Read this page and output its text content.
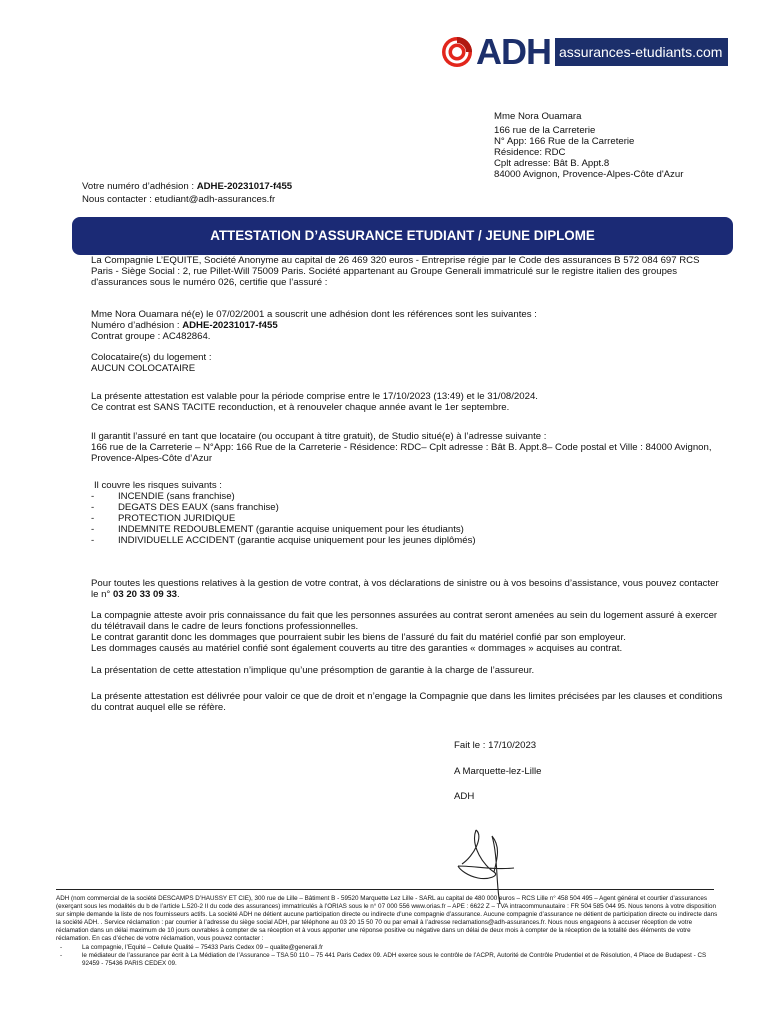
ADH assurances-etudiants.com
Mme Nora Ouamara
166 rue de la Carreterie
N° App: 166 Rue de la Carreterie
Résidence: RDC
Cplt adresse: Bât B. Appt.8
84000 Avignon, Provence-Alpes-Côte d'Azur
Votre numéro d’adhésion : ADHE-20231017-f455
Nous contacter : etudiant@adh-assurances.fr
ATTESTATION D’ASSURANCE ETUDIANT / JEUNE DIPLOME

La Compagnie L’EQUITE, Société Anonyme au capital de 26 469 320 euros - Entreprise régie par le Code des assurances B 572 084 697 RCS Paris - Siège Social : 2, rue Pillet-Will 75009 Paris. Société appartenant au Groupe Generali immatriculé sur le registre italien des groupes d'assurances sous le numéro 026, certifie que l’assuré :

Mme Nora Ouamara né(e) le 07/02/2001 a souscrit une adhésion dont les références sont les suivantes :
Numéro d’adhésion : ADHE-20231017-f455
Contrat groupe : AC482864.
Colocataire(s) du logement :
AUCUN COLOCATAIRE
La présente attestation est valable pour la période comprise entre le 17/10/2023 (13:49) et le 31/08/2024.
Ce contrat est SANS TACITE reconduction, et à renouveler chaque année avant le 1er septembre.
Il garantit l’assuré en tant que locataire (ou occupant à titre gratuit), de Studio situé(e) à l’adresse suivante :
166 rue de la Carreterie – N°App: 166 Rue de la Carreterie - Résidence: RDC– Cplt adresse : Bât B. Appt.8– Code postal et Ville : 84000 Avignon, Provence-Alpes-Côte d’Azur
Il couvre les risques suivants :
-	INCENDIE (sans franchise)
-	DEGATS DES EAUX (sans franchise)
-	PROTECTION JURIDIQUE
-	INDEMNITE REDOUBLEMENT (garantie acquise uniquement pour les étudiants)
-	INDIVIDUELLE ACCIDENT (garantie acquise uniquement pour les jeunes diplômés)

Pour toutes les questions relatives à la gestion de votre contrat, à vos déclarations de sinistre ou à vos besoins d’assistance, vous pouvez contacter le n° 03 20 33 09 33.

La compagnie atteste avoir pris connaissance du fait que les personnes assurées au contrat seront amenées au sein du logement assuré à exercer du télétravail dans le cadre de leurs fonctions professionnelles.
Le contrat garantit donc les dommages que pourraient subir les biens de l’assuré du fait du matériel confié par son employeur.
Les dommages causés au matériel confié sont également couverts au titre des garanties « dommages » acquises au contrat.

La présentation de cette attestation n’implique qu’une présomption de garantie à la charge de l’assureur.

La présente attestation est délivrée pour valoir ce que de droit et n’engage la Compagnie que dans les limites précisées par les clauses et conditions du contrat auquel elle se réfère.

Fait le : 17/10/2023
A Marquette-lez-Lille
ADH
ADH (nom commercial de la société DESCAMPS D’HAUSSY ET CIE), 300 rue de Lille – Bâtiment B - 59520 Marquette Lez Lille - SARL au capital de 480 000 euros – RCS Lille n° 458 504 495 – Agent général et courtier d’assurances (exerçant sous les modalités du b de l’article L.520-2 II du code des assurances) immatriculés à l’ORIAS sous le n° 07 000 556 www.orias.fr – APE : 6622 Z – TVA intracommunautaire : FR 504 585 044 95. Nous tenons à votre disposition sur simple demande la liste de nos fournisseurs actifs. La société ADH ne détient aucune participation directe ou indirecte d’une compagnie d’assurance. Aucune compagnie d’assurance ne détient de participation directe ou indirecte dans la société ADH. . Service réclamation : par courrier à l’adresse du siège social ADH, par téléphone au 03 20 15 50 70 ou par email à l’adresse reclamations@adh-assurances.fr. Nous nous engageons à accuser réception de votre réclamation dans un délai maximum de 10 jours ouvrables à compter de sa réception et à vous apporter une réponse positive ou négative dans un délai de deux mois à compter de la réception de la totalité des éléments de votre réclamation. En cas d’échec de votre réclamation, vous pouvez contacter :
-	La compagnie, l’Equité – Cellule Qualité – 75433 Paris Cedex 09 – qualite@generali.fr
-	le médiateur de l’assurance par écrit à La Médiation de l’Assurance – TSA 50 110 – 75 441 Paris Cedex 09. ADH exerce sous le contrôle de l’ACPR, Autorité de Contrôle Prudentiel et de Résolution, 4 Place de Budapest - CS 92459 - 75436 PARIS CEDEX 09.
